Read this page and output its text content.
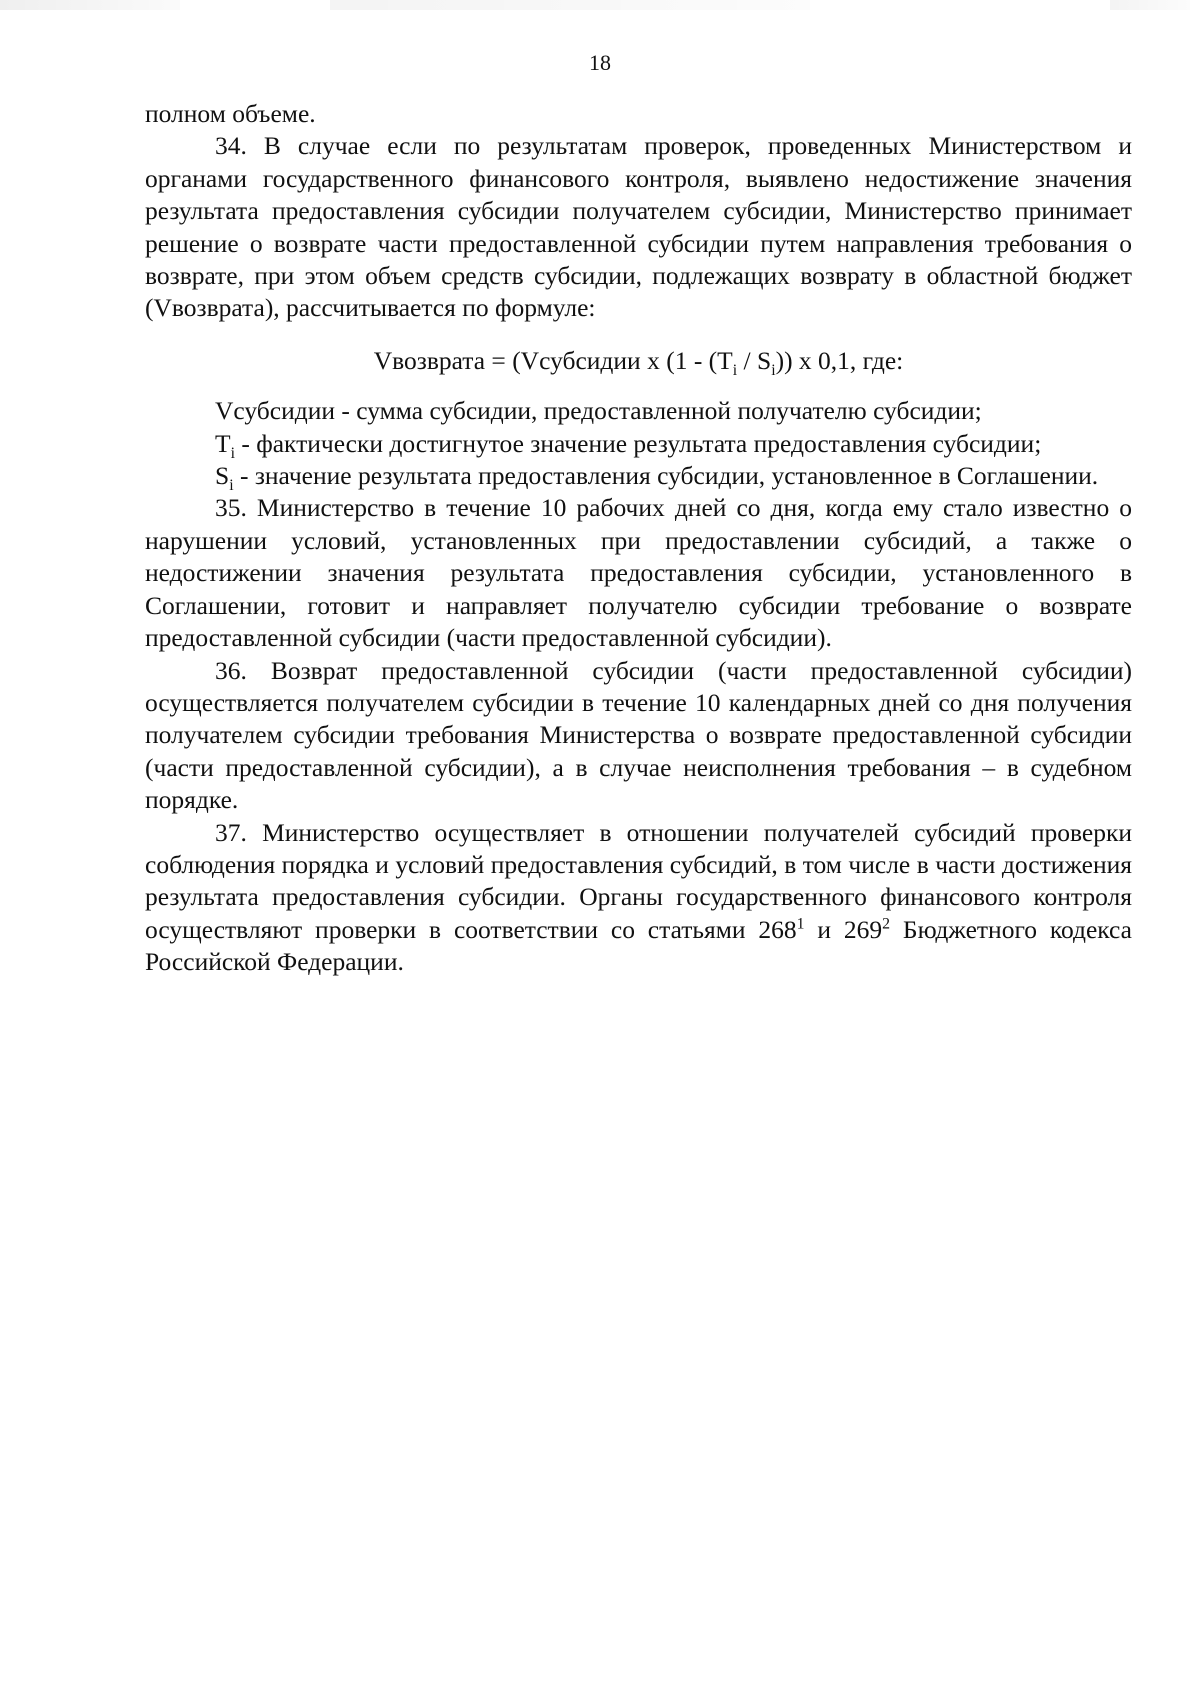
18

полном объеме.

34. В случае если по результатам проверок, проведенных Министерством и органами государственного финансового контроля, выявлено недостижение значения результата предоставления субсидии получателем субсидии, Министерство принимает решение о возврате части предоставленной субсидии путем направления требования о возврате, при этом объем средств субсидии, подлежащих возврату в областной бюджет (Vвозврата), рассчитывается по формуле:

Vвозврата = (Vсубсидии х $(1 - (T_i / S_i))$ х 0,1, где:

Vсубсидии - сумма субсидии, предоставленной получателю субсидии;

$T_i$ - фактически достигнутое значение результата предоставления субсидии;

$S_i$ - значение результата предоставления субсидии, установленное в Соглашении.

35. Министерство в течение 10 рабочих дней со дня, когда ему стало известно о нарушении условий, установленных при предоставлении субсидий, а также о недостижении значения результата предоставления субсидии, установленного в Соглашении, готовит и направляет получателю субсидии требование о возврате предоставленной субсидии (части предоставленной субсидии).

36. Возврат предоставленной субсидии (части предоставленной субсидии) осуществляется получателем субсидии в течение 10 календарных дней со дня получения получателем субсидии требования Министерства о возврате предоставленной субсидии (части предоставленной субсидии), а в случае неисполнения требования – в судебном порядке.

37. Министерство осуществляет в отношении получателей субсидий проверки соблюдения порядка и условий предоставления субсидий, в том числе в части достижения результата предоставления субсидии. Органы государственного финансового контроля осуществляют проверки в соответствии со статьями $268^1$ и $269^2$ Бюджетного кодекса Российской Федерации.
